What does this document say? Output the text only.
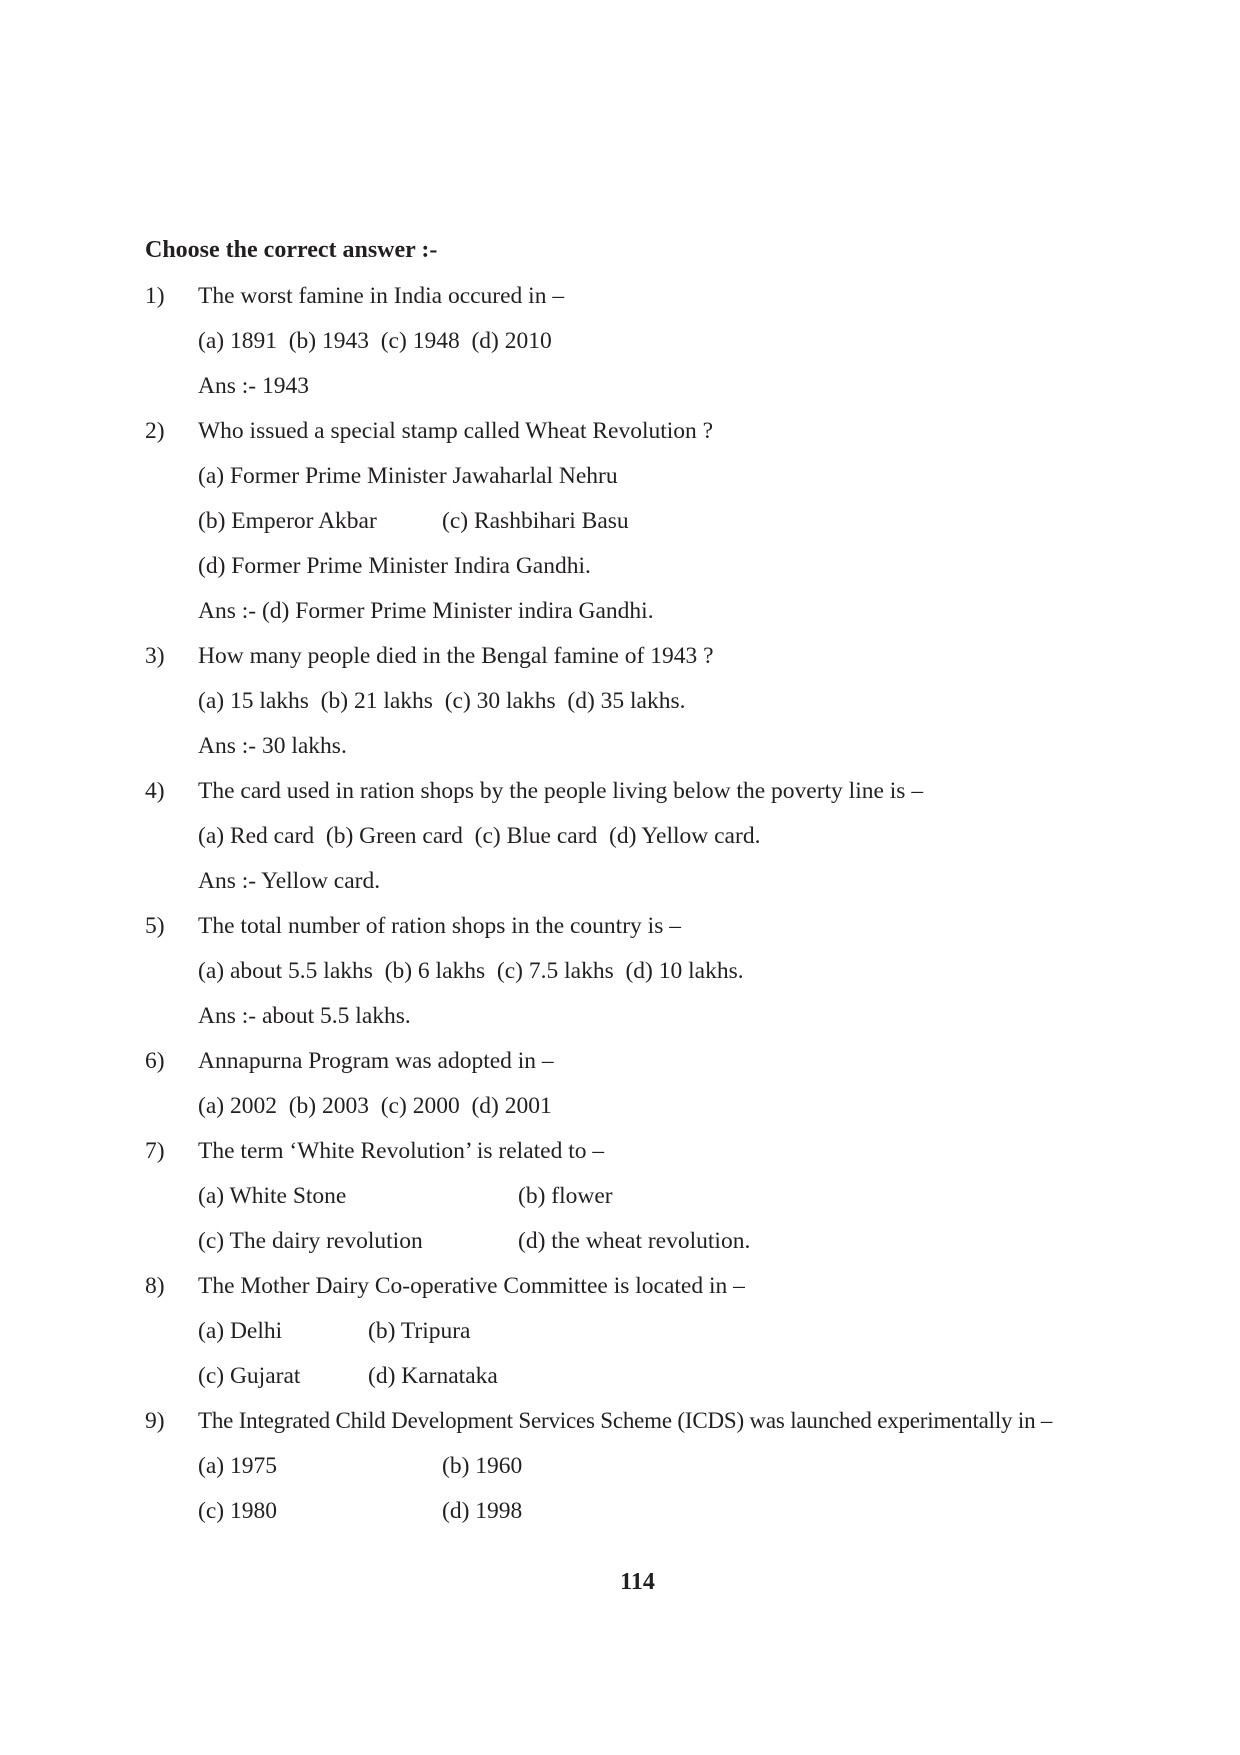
Choose the correct answer :-
1) The worst famine in India occured in –
(a) 1891  (b) 1943  (c) 1948  (d) 2010
Ans :- 1943
2) Who issued a special stamp called Wheat Revolution ?
(a) Former Prime Minister Jawaharlal Nehru
(b) Emperor Akbar	(c) Rashbihari Basu
(d) Former Prime Minister Indira Gandhi.
Ans :- (d) Former Prime Minister indira Gandhi.
3) How many people died in the Bengal famine of 1943 ?
(a) 15 lakhs  (b) 21 lakhs  (c) 30 lakhs  (d) 35 lakhs.
Ans :- 30 lakhs.
4) The card used in ration shops by the people living below the poverty line is –
(a) Red card  (b) Green card  (c) Blue card  (d) Yellow card.
Ans :- Yellow card.
5) The total number of ration shops in the country is –
(a) about 5.5 lakhs  (b) 6 lakhs  (c) 7.5 lakhs  (d) 10 lakhs.
Ans :- about 5.5 lakhs.
6) Annapurna Program was adopted in –
(a) 2002  (b) 2003  (c) 2000  (d) 2001
7) The term ‘White Revolution’ is related to –
(a) White Stone	(b) flower
(c) The dairy revolution	(d) the wheat revolution.
8) The Mother Dairy Co-operative Committee is located in –
(a) Delhi	(b) Tripura
(c) Gujarat	(d) Karnataka
9) The Integrated Child Development Services Scheme (ICDS) was launched experimentally in –
(a) 1975	(b) 1960
(c) 1980	(d) 1998
114
